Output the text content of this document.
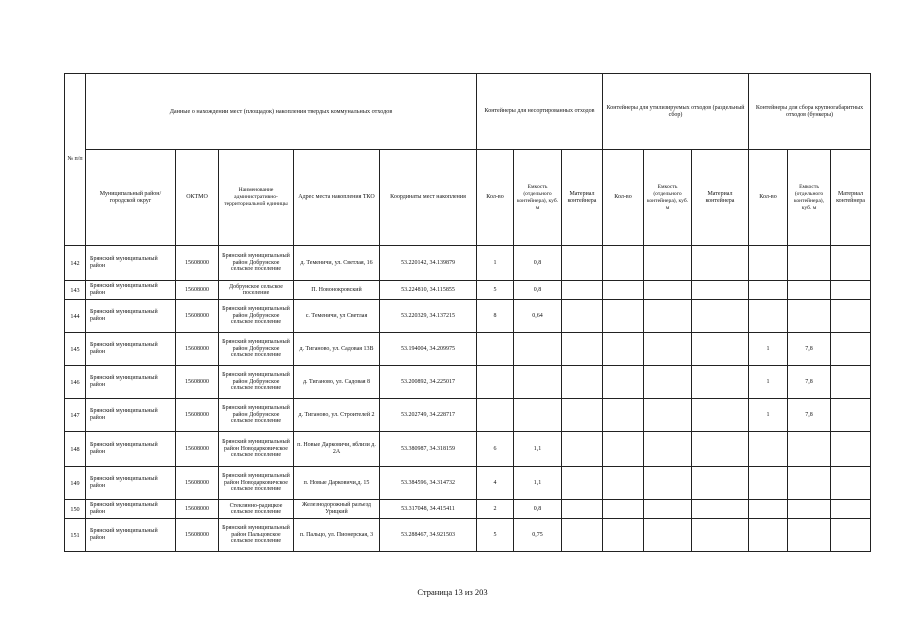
№ п/п	Данные о нахождении мест (площадок) накопления твердых коммунальных отходов					Контейнеры для несортированных отходов			Контейнеры для утилизируемых отходов (раздельный сбор)			Контейнеры для сбора крупногабаритных отходов (бункеры)		
	Муниципальный район/городской округ	ОКТМО	Наименование административно-территориальной единицы	Адрес места накопления ТКО	Координаты мест накопления	Кол-во	Емкость (отдельного контейнера), куб. м	Материал контейнера	Кол-во	Емкость (отдельного контейнера), куб. м	Материал контейнера	Кол-во	Емкость (отдельного контейнера), куб. м	Материал контейнера
142	Брянский муниципальный район	15608000	Брянский муниципальный район Добрунское сельское поселение	д. Теменичи, ул. Светлая, 16	53.220142, 34.139879	1	0,8							
143	Брянский муниципальный район	15608000	Добрунское сельское поселение	П. Новонокровский	53.224810, 34.115855	5	0,8							
144	Брянский муниципальный район	15608000	Брянский муниципальный район Добрунское сельское поселение	с. Теменичи, ул Светлая	53.220329, 34.137215	8	0,64							
145	Брянский муниципальный район	15608000	Брянский муниципальный район Добрунское сельское поселение	д. Тиганово, ул. Садовая 13В	53.194004, 34.209975							1	7,8	
146	Брянский муниципальный район	15608000	Брянский муниципальный район Добрунское сельское поселение	д. Тиганово, ул. Садовая 8	53.200892, 34.225017							1	7,8	
147	Брянский муниципальный район	15608000	Брянский муниципальный район Добрунское сельское поселение	д. Тиганово, ул. Строителей 2	53.202749, 34.228717							1	7,8	
148	Брянский муниципальный район	15608000	Брянский муниципальный район Новодарковичское сельское поселение	п. Новые Дарковичи, вблизи д. 2А	53.380987, 34.318159	6	1,1							
149	Брянский муниципальный район	15608000	Брянский муниципальный район Новодарковичское сельское поселение	п. Новые Дарковичи,д. 15	53.384596, 34.314732	4	1,1							
150	Брянский муниципальный район	15608000	Стеклянно-радицкое сельское поселение	Железнодорожный разъезд Урицкий	53.317048, 34.415411	2	0,8							
151	Брянский муниципальный район	15608000	Брянский муниципальный район Пальцовское сельское поселение	п. Пальцо, ул. Пионерская, 3	53.288467, 34.921503	5	0,75							
Страница 13 из 203
